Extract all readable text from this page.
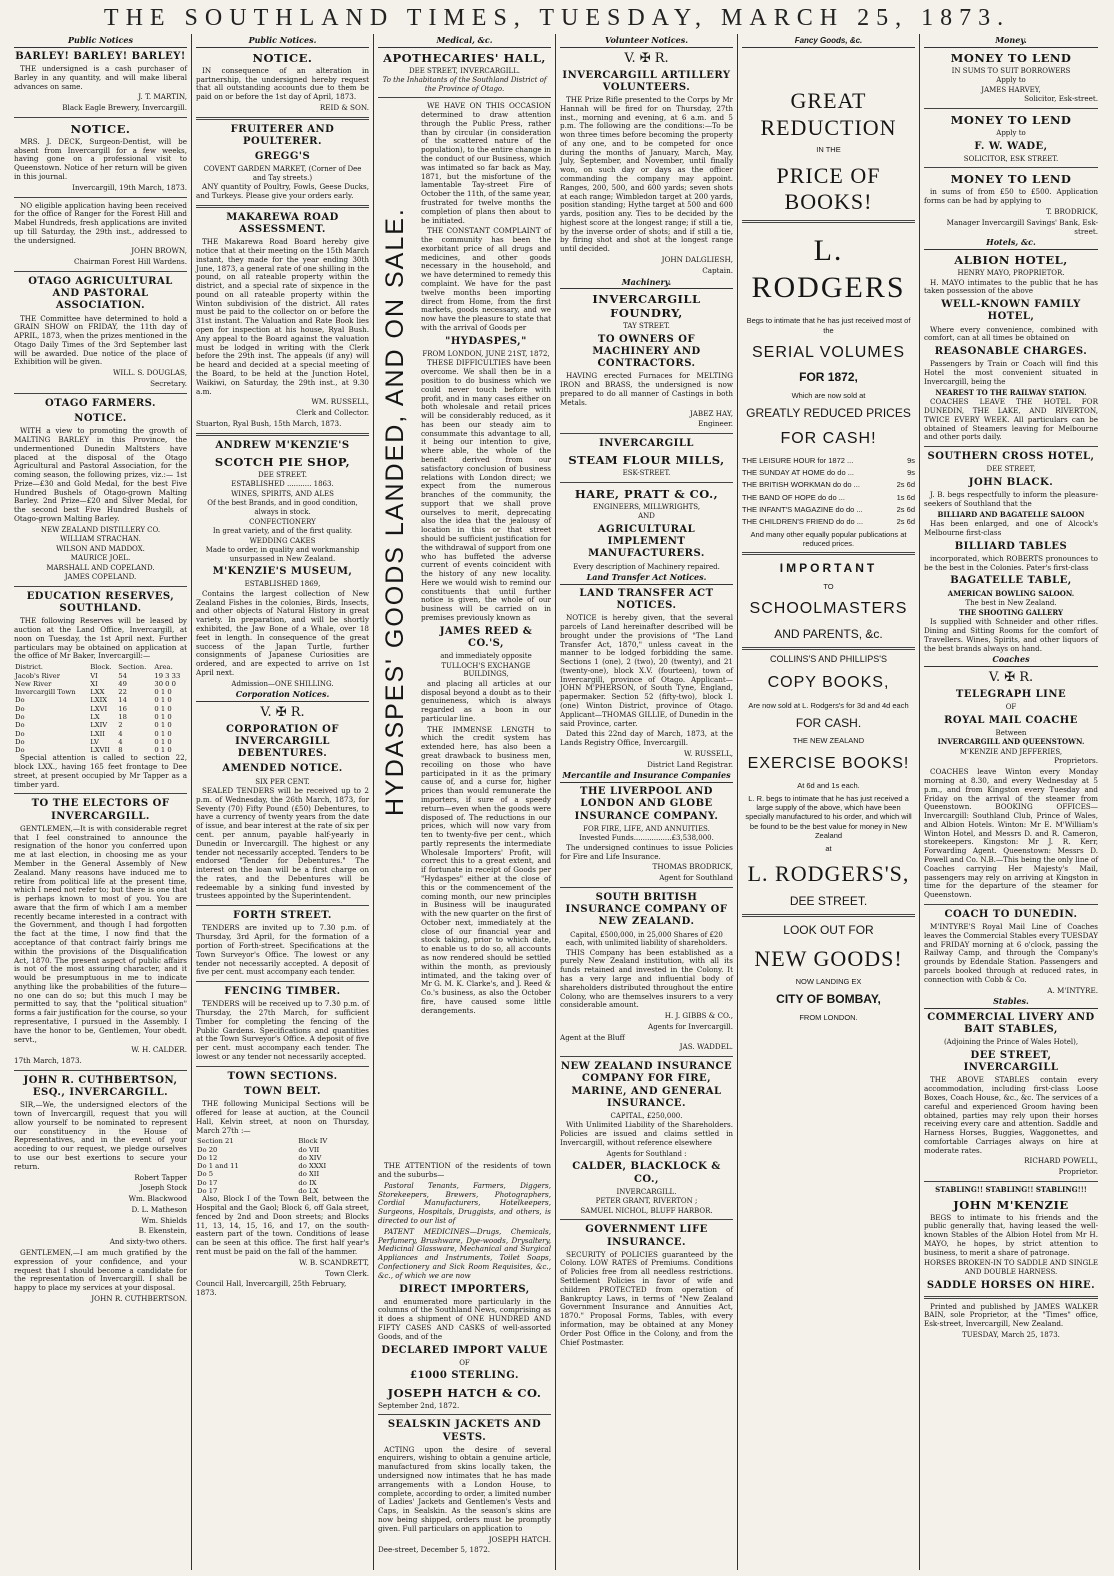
THE SOUTHLAND TIMES, TUESDAY, MARCH 25, 1873.
Public Notices
BARLEY! BARLEY! BARLEY!

THE undersigned is a cash purchaser of Barley in any quantity, and will make liberal advances on same.

J. T. MARTIN,
Black Eagle Brewery, Invercargill.
NOTICE.

MRS. J. DECK, Surgeon-Dentist, will be absent from Invercargill for a few weeks, having gone on a professional visit to Queenstown. Notice of her return will be given in this journal.

Invercargill, 19th March, 1873.

NO eligible application having been received for the office of Ranger for the Forest Hill and Mabel Hundreds, fresh applications are invited up till Saturday, the 29th inst., addressed to the undersigned.

JOHN BROWN,
Chairman Forest Hill Wardens.
OTAGO AGRICULTURAL AND PASTORAL ASSOCIATION.

THE Committee have determined to hold a GRAIN SHOW on FRIDAY, the 11th day of APRIL, 1873, when the prizes mentioned in the Otago Daily Times of the 3rd September last will be awarded. Due notice of the place of Exhibition will be given.

WILL. S. DOUGLAS,
Secretary.
OTAGO FARMERS.
NOTICE.

WITH a view to promoting the growth of MALTING BARLEY in this Province, the undermentioned Dunedin Maltsters have placed at the disposal of the Otago Agricultural and Pastoral Association, for the coming season, the following prizes, viz.:— 1st Prize—£30 and Gold Medal, for the best Five Hundred Bushels of Otago-grown Malting Barley. 2nd Prize—£20 and Silver Medal, for the second best Five Hundred Bushels of Otago-grown Malting Barley.

NEW ZEALAND DISTILLERY CO.
WILLIAM STRACHAN.
WILSON AND MADDOX.
MAURICE JOEL.
MARSHALL AND COPELAND.
JAMES COPELAND.
EDUCATION RESERVES, SOUTHLAND.

THE following Reserves will be leased by auction at the Land Office, Invercargill, at noon on Tuesday, the 1st April next. Further particulars may be obtained on application at the office of Mr Baker, Invercargill:—

District.	Block.	Section.	Area.
Jacob's River	VI	54	19 3 33
New River	XI	49	30 0 0
Invercargill Town	LXX	22	0 1 0
Do	LXIX	14	0 1 0
Do	LXVI	16	0 1 0
Do	LX	18	0 1 0
Do	LXIV	2	0 1 0
Do	LXII	4	0 1 0
Do	LV	4	0 1 0
Do	LXVII	8	0 1 0

Special attention is called to section 22, block LXX., having 165 feet frontage to Dee street, at present occupied by Mr Tapper as a timber yard.

TO THE ELECTORS OF INVERCARGILL.

GENTLEMEN,—It is with considerable regret that I feel constrained to announce the resignation of the honor you conferred upon me at last election, in choosing me as your Member in the General Assembly of New Zealand. Many reasons have induced me to retire from political life at the present time, which I need not refer to; but there is one that is perhaps known to most of you. You are aware that the firm of which I am a member recently became interested in a contract with the Government, and though I had forgotten the fact at the time, I now find that the acceptance of that contract fairly brings me within the provisions of the Disqualification Act, 1870. The present aspect of public affairs is not of the most assuring character, and it would be presumptuous in me to indicate anything like the probabilities of the future—no one can do so; but this much I may be permitted to say, that the "political situation" forms a fair justification for the course, so your representative, I pursued in the Assembly. I have the honor to be, Gentlemen, Your obedt. servt.,

W. H. CALDER.
17th March, 1873.
JOHN R. CUTHBERTSON, ESQ., INVERCARGILL.

SIR,—We, the undersigned electors of the town of Invercargill, request that you will allow yourself to be nominated to represent our constituency in the House of Representatives, and in the event of your acceding to our request, we pledge ourselves to use our best exertions to secure your return.

Robert Tapper
Joseph Stock
Wm. Blackwood
D. L. Matheson
Wm. Shields
B. Ekenstein,
And sixty-two others.

GENTLEMEN,—I am much gratified by the expression of your confidence, and your request that I should become a candidate for the representation of Invercargill. I shall be happy to place my services at your disposal.

JOHN R. CUTHBERTSON.
Public Notices.
NOTICE.

IN consequence of an alteration in partnership, the undersigned hereby request that all outstanding accounts due to them be paid on or before the 1st day of April, 1873.

REID & SON.
FRUITERER AND POULTERER.
GREGG'S
COVENT GARDEN MARKET, (Corner of Dee and Tay streets.)

ANY quantity of Poultry, Fowls, Geese Ducks, and Turkeys. Please give your orders early.

MAKAREWA ROAD ASSESSMENT.

THE Makarewa Road Board hereby give notice that at their meeting on the 15th March instant, they made for the year ending 30th June, 1873, a general rate of one shilling in the pound, on all rateable property within the district, and a special rate of sixpence in the pound on all rateable property within the Winton subdivision of the district. All rates must be paid to the collector on or before the 31st instant. The Valuation and Rate Book lies open for inspection at his house, Ryal Bush. Any appeal to the Board against the valuation must be lodged in writing with the Clerk before the 29th inst. The appeals (if any) will be heard and decided at a special meeting of the Board, to be held at the Junction Hotel, Waikiwi, on Saturday, the 29th inst., at 9.30 a.m.

WM. RUSSELL,
Clerk and Collector.
Stuarton, Ryal Bush, 15th March, 1873.
ANDREW M'KENZIE'S
SCOTCH PIE SHOP,
DEE STREET.
ESTABLISHED ........... 1863.
WINES, SPIRITS, AND ALES
Of the best Brands, and in good condition, always in stock.
CONFECTIONERY
In great variety, and of the first quality.
WEDDING CAKES
Made to order, in quality and workmanship unsurpassed in New Zealand.
M'KENZIE'S MUSEUM,
ESTABLISHED 1869,

Contains the largest collection of New Zealand Fishes in the colonies, Birds, Insects, and other objects of Natural History in great variety. In preparation, and will be shortly exhibited, the Jaw Bone of a Whale, over 18 feet in length. In consequence of the great success of the Japan Turtle, further consignments of Japanese Curiosities are ordered, and are expected to arrive on 1st April next.

Admission—ONE SHILLING.
Corporation Notices.
V. ✠ R.
CORPORATION OF INVERCARGILL DEBENTURES.
AMENDED NOTICE.
SIX PER CENT.

SEALED TENDERS will be received up to 2 p.m. of Wednesday, the 26th March, 1873, for Seventy (70) Fifty Pound (£50) Debentures, to have a currency of twenty years from the date of issue, and bear interest at the rate of six per cent. per annum, payable half-yearly in Dunedin or Invercargill. The highest or any tender not necessarily accepted. Tenders to be endorsed "Tender for Debentures." The interest on the loan will be a first charge on the rates, and the Debentures will be redeemable by a sinking fund invested by trustees appointed by the Superintendent.

FORTH STREET.

TENDERS are invited up to 7.30 p.m. of Thursday, 3rd April, for the formation of a portion of Forth-street. Specifications at the Town Surveyor's Office. The lowest or any tender not necessarily accepted. A deposit of five per cent. must accompany each tender.

FENCING TIMBER.

TENDERS will be received up to 7.30 p.m. of Thursday, the 27th March, for sufficient Timber for completing the fencing of the Public Gardens. Specifications and quantities at the Town Surveyor's Office. A deposit of five per cent. must accompany each tender. The lowest or any tender not necessarily accepted.

TOWN SECTIONS.
TOWN BELT.

THE following Municipal Sections will be offered for lease at auction, at the Council Hall, Kelvin street, at noon on Thursday, March 27th :—

Section 21	Block IV
Do 20	do VII
Do 12	do XIV
Do 1 and 11	do XXXI
Do 5	do XII
Do 17	do IX
Do 17	do LX

Also, Block I of the Town Belt, between the Hospital and the Gaol; Block 6, off Gala street, fenced by 2nd and Doon streets; and Blocks 11, 13, 14, 15, 16, and 17, on the south-eastern part of the town. Conditions of lease can be seen at this office. The first half year's rent must be paid on the fall of the hammer.

W. B. SCANDRETT,
Town Clerk.
Council Hall, Invercargill, 25th February, 1873.
Medical, &c.
APOTHECARIES' HALL,
DEE STREET, INVERCARGILL.
To the Inhabitants of the Southland District of the Province of Otago.
HYDASPES' GOODS LANDED, AND ON SALE.

WE HAVE ON THIS OCCASION determined to draw attention through the Public Press, rather than by circular (in consideration of the scattered nature of the population), to the entire change in the conduct of our Business, which was intimated so far back as May, 1871, but the misfortune of the lamentable Tay-street Fire of October the 11th, of the same year, frustrated for twelve months the completion of plans then about to be initiated.

THE CONSTANT COMPLAINT of the community has been the exorbitant price of all drugs and medicines, and other goods necessary in the household, and we have determined to remedy this complaint. We have for the past twelve months been importing direct from Home, from the first markets, goods necessary, and we now have the pleasure to state that with the arrival of Goods per

"HYDASPES,"
FROM LONDON, JUNE 21ST, 1872,

THESE DIFFICULTIES have been overcome. We shall then be in a position to do business which we could never touch before with profit, and in many cases either on both wholesale and retail prices will be considerably reduced, as it has been our steady aim to consummate this advantage to all, it being our intention to give, where able, the whole of the benefit derived from our satisfactory conclusion of business relations with London direct; we expect from the numerous branches of the community, the support that we shall prove ourselves to merit, deprecating also the idea that the jealousy of location in this or that street should be sufficient justification for the withdrawal of support from one who has buffeted the adverse current of events coincident with the history of any new locality. Here we would wish to remind our constituents that until further notice is given, the whole of our business will be carried on in premises previously known as

JAMES REED & CO.'S,
and immediately opposite
TULLOCH'S EXCHANGE BUILDINGS,

and placing all articles at our disposal beyond a doubt as to their genuineness, which is always regarded as a boon in our particular line.

THE IMMENSE LENGTH to which the credit system has extended here, has also been a great drawback to business men, recoiling on those who have participated in it as the primary cause of, and a curse for, higher prices than would remunerate the importers, if sure of a speedy return—even when the goods were disposed of. The reductions in our prices, which will now vary from ten to twenty-five per cent., which partly represents the intermediate Wholesale Importers' Profit, will correct this to a great extent, and if fortunate in receipt of Goods per "Hydaspes" either at the close of this or the commencement of the coming month, our new principles in Business will be inaugurated with the new quarter on the first of October next, immediately at the close of our financial year and stock taking, prior to which date, to enable us to do so, all accounts as now rendered should be settled within the month, as previously intimated, and the taking over of Mr G. M. K. Clarke's, and J. Reed & Co.'s business, as also the October fire, have caused some little derangements.

THE ATTENTION of the residents of town and the suburbs—

Pastoral Tenants, Farmers, Diggers, Storekeepers, Brewers, Photographers, Cordial Manufacturers, Hotelkeepers, Surgeons, Hospitals, Druggists, and others, is directed to our list of

PATENT MEDICINES—Drugs, Chemicals, Perfumery, Brushware, Dye-woods, Drysaltery, Medicinal Glassware, Mechanical and Surgical Appliances and Instruments, Toilet Soaps, Confectionery and Sick Room Requisites, &c., &c., of which we are now

DIRECT IMPORTERS,

and enumerated more particularly in the columns of the Southland News, comprising as it does a shipment of ONE HUNDRED AND FIFTY CASES AND CASKS of well-assorted Goods, and of the

DECLARED IMPORT VALUE
OF
£1000 STERLING.
JOSEPH HATCH & CO.
September 2nd, 1872.
SEALSKIN JACKETS AND VESTS.

ACTING upon the desire of several enquirers, wishing to obtain a genuine article, manufactured from skins locally taken, the undersigned now intimates that he has made arrangements with a London House, to complete, according to order, a limited number of Ladies' Jackets and Gentlemen's Vests and Caps, in Sealskin. As the season's skins are now being shipped, orders must be promptly given. Full particulars on application to

JOSEPH HATCH.
Dee-street, December 5, 1872.
Volunteer Notices.
V. ✠ R.
INVERCARGILL ARTILLERY VOLUNTEERS.

THE Prize Rifle presented to the Corps by Mr Hannah will be fired for on Thursday, 27th inst., morning and evening, at 6 a.m. and 5 p.m. The following are the conditions:—To be won three times before becoming the property of any one, and to be competed for once during the months of January, March, May, July, September, and November, until finally won, on such day or days as the officer commanding the company may appoint. Ranges, 200, 500, and 600 yards; seven shots at each range; Wimbledon target at 200 yards, position standing; Hythe target at 500 and 600 yards, position any. Ties to be decided by the highest score at the longest range; if still a tie, by the inverse order of shots; and if still a tie, by firing shot and shot at the longest range until decided.

JOHN DALGLIESH,
Captain.
Machinery.
INVERCARGILL FOUNDRY,
TAY STREET.
TO OWNERS OF MACHINERY AND CONTRACTORS.

HAVING erected Furnaces for MELTING IRON and BRASS, the undersigned is now prepared to do all manner of Castings in both Metals.

JABEZ HAY,
Engineer.
INVERCARGILL
STEAM FLOUR MILLS,
ESK-STREET.
HARE, PRATT & CO.,
ENGINEERS, MILLWRIGHTS,
AND
AGRICULTURAL IMPLEMENT MANUFACTURERS.
Every description of Machinery repaired.
Land Transfer Act Notices.
LAND TRANSFER ACT NOTICES.

NOTICE is hereby given, that the several parcels of Land hereinafter described will be brought under the provisions of "The Land Transfer Act, 1870," unless caveat in the manner to be lodged forbidding the same. Sections 1 (one), 2 (two), 20 (twenty), and 21 (twenty-one), block X.V. (fourteen), town of Invercargill, province of Otago. Applicant—JOHN M'PHERSON, of South Tyne, England, papermaker. Section 52 (fifty-two), block I. (one) Winton District, province of Otago. Applicant—THOMAS GILLIE, of Dunedin in the said Province, carter.

Dated this 22nd day of March, 1873, at the Lands Registry Office, Invercargill.

W. RUSSELL,
District Land Registrar.
Mercantile and Insurance Companies
THE LIVERPOOL AND LONDON AND GLOBE INSURANCE COMPANY.
FOR FIRE, LIFE, AND ANNUITIES.
Invested Funds.................£3,538,000.

The undersigned continues to issue Policies for Fire and Life Insurance.

THOMAS BRODRICK,
Agent for Southland
SOUTH BRITISH INSURANCE COMPANY OF NEW ZEALAND.
Capital, £500,000, in 25,000 Shares of £20 each, with unlimited liability of shareholders.

THIS Company has been established as a purely New Zealand institution, with all its funds retained and invested in the Colony. It has a very large and influential body of shareholders distributed throughout the entire Colony, who are themselves insurers to a very considerable amount.

H. J. GIBBS & CO.,
Agents for Invercargill.
Agent at the Bluff
JAS. WADDEL.
NEW ZEALAND INSURANCE COMPANY FOR FIRE, MARINE, AND GENERAL INSURANCE.
CAPITAL, £250,000.

With Unlimited Liability of the Shareholders. Policies are issued and claims settled in Invercargill, without reference elsewhere

Agents for Southland :
CALDER, BLACKLOCK & CO.,
INVERCARGILL.
PETER GRANT, RIVERTON ;
SAMUEL NICHOL, BLUFF HARBOR.
GOVERNMENT LIFE INSURANCE.

SECURITY of POLICIES guaranteed by the Colony. LOW RATES of Premiums. Conditions of Policies free from all needless restrictions. Settlement Policies in favor of wife and children PROTECTED from operation of Bankruptcy Laws, in terms of "New Zealand Government Insurance and Annuities Act, 1870." Proposal Forms, Tables, with every information, may be obtained at any Money Order Post Office in the Colony, and from the Chief Postmaster.

Fancy Goods, &c.
GREAT REDUCTION
IN THE
PRICE OF BOOKS!
L. RODGERS
Begs to intimate that he has just received most of the
SERIAL VOLUMES
FOR 1872,
Which are now sold at
GREATLY REDUCED PRICES
FOR CASH!
THE LEISURE HOUR for 1872 ...	9s
THE SUNDAY AT HOME do do ...	9s
THE BRITISH WORKMAN do do ...	2s 6d
THE BAND OF HOPE do do ...	1s 6d
THE INFANT'S MAGAZINE do do ...	2s 6d
THE CHILDREN'S FRIEND do do ...	2s 6d
And many other equally popular publications at reduced prices.
IMPORTANT
TO
SCHOOLMASTERS
AND PARENTS, &c.
COLLINS'S AND PHILLIPS'S
COPY BOOKS,
Are now sold at L. Rodgers's for 3d and 4d each
FOR CASH.
THE NEW ZEALAND
EXERCISE BOOKS!
At 6d and 1s each.
L. R. begs to intimate that he has just received a large supply of the above, which have been specially manufactured to his order, and which will be found to be the best value for money in New Zealand
at
L. RODGERS'S,
DEE STREET.
LOOK OUT FOR
NEW GOODS!
NOW LANDING EX
CITY OF BOMBAY,
FROM LONDON.
Money.
MONEY TO LEND
IN SUMS TO SUIT BORROWERS
Apply to
JAMES HARVEY,
Solicitor, Esk-street.
MONEY TO LEND
Apply to
F. W. WADE,
SOLICITOR, ESK STREET.
MONEY TO LEND

in sums of from £50 to £500. Application forms can be had by applying to

T. BRODRICK,
Manager Invercargill Savings' Bank, Esk-street.
Hotels, &c.
ALBION HOTEL,
HENRY MAYO, PROPRIETOR.

H. MAYO intimates to the public that he has taken possession of the above

WELL-KNOWN FAMILY HOTEL,

Where every convenience, combined with comfort, can at all times be obtained on

REASONABLE CHARGES.

Passengers by Train or Coach will find this Hotel the most convenient situated in Invercargill, being the

NEAREST TO THE RAILWAY STATION.

COACHES LEAVE THE HOTEL FOR DUNEDIN, THE LAKE, AND RIVERTON, TWICE EVERY WEEK. All particulars can be obtained of Steamers leaving for Melbourne and other ports daily.

SOUTHERN CROSS HOTEL,
DEE STREET,
JOHN BLACK.

J. B. begs respectfully to inform the pleasure-seekers of Southland that the

BILLIARD AND BAGATELLE SALOON

Has been enlarged, and one of Alcock's Melbourne first-class

BILLIARD TABLES

incorporated, which ROBERTS pronounces to be the best in the Colonies. Pater's first-class

BAGATELLE TABLE,
AMERICAN BOWLING SALOON.
The best in New Zealand.
THE SHOOTING GALLERY

Is supplied with Schneider and other rifles. Dining and Sitting Rooms for the comfort of Travellers. Wines, Spirits, and other liquors of the best brands always on hand.

Coaches
V. ✠ R.
TELEGRAPH LINE
OF
ROYAL MAIL COACHE
Between
INVERCARGILL AND QUEENSTOWN.
M'KENZIE AND JEFFERIES,
Proprietors.

COACHES leave Winton every Monday morning at 8.30, and every Wednesday at 5 p.m., and from Kingston every Tuesday and Friday on the arrival of the steamer from Queenstown. BOOKING OFFICES—Invercargill: Southland Club, Prince of Wales, and Albion Hotels. Winton: Mr E. M'William's Winton Hotel, and Messrs D. and R. Cameron, storekeepers. Kingston: Mr J. R. Kerr, Forwarding Agent. Queenstown: Messrs D. Powell and Co. N.B.—This being the only line of Coaches carrying Her Majesty's Mail, passengers may rely on arriving at Kingston in time for the departure of the steamer for Queenstown.

COACH TO DUNEDIN.

M'INTYRE'S Royal Mail Line of Coaches leaves the Commercial Stables every TUESDAY and FRIDAY morning at 6 o'clock, passing the Railway Camp, and through the Company's grounds by Edendale Station. Passengers and parcels booked through at reduced rates, in connection with Cobb & Co.

A. M'INTYRE.
Stables.
COMMERCIAL LIVERY AND BAIT STABLES,
(Adjoining the Prince of Wales Hotel),
DEE STREET, INVERCARGILL

THE ABOVE STABLES contain every accommodation, including first-class Loose Boxes, Coach House, &c., &c. The services of a careful and experienced Groom having been obtained, parties may rely upon their horses receiving every care and attention. Saddle and Harness Horses, Buggies, Waggonettes, and comfortable Carriages always on hire at moderate rates.

RICHARD POWELL,
Proprietor.
STABLING!! STABLING!! STABLING!!!
JOHN M'KENZIE

BEGS to intimate to his friends and the public generally that, having leased the well-known Stables of the Albion Hotel from Mr H. MAYO, he hopes, by strict attention to business, to merit a share of patronage.

HORSES BROKEN-IN TO SADDLE AND SINGLE AND DOUBLE HARNESS.
SADDLE HORSES ON HIRE.

Printed and published by JAMES WALKER BAIN, sole Proprietor, at the "Times" office, Esk-street, Invercargill, New Zealand.

TUESDAY, March 25, 1873.
